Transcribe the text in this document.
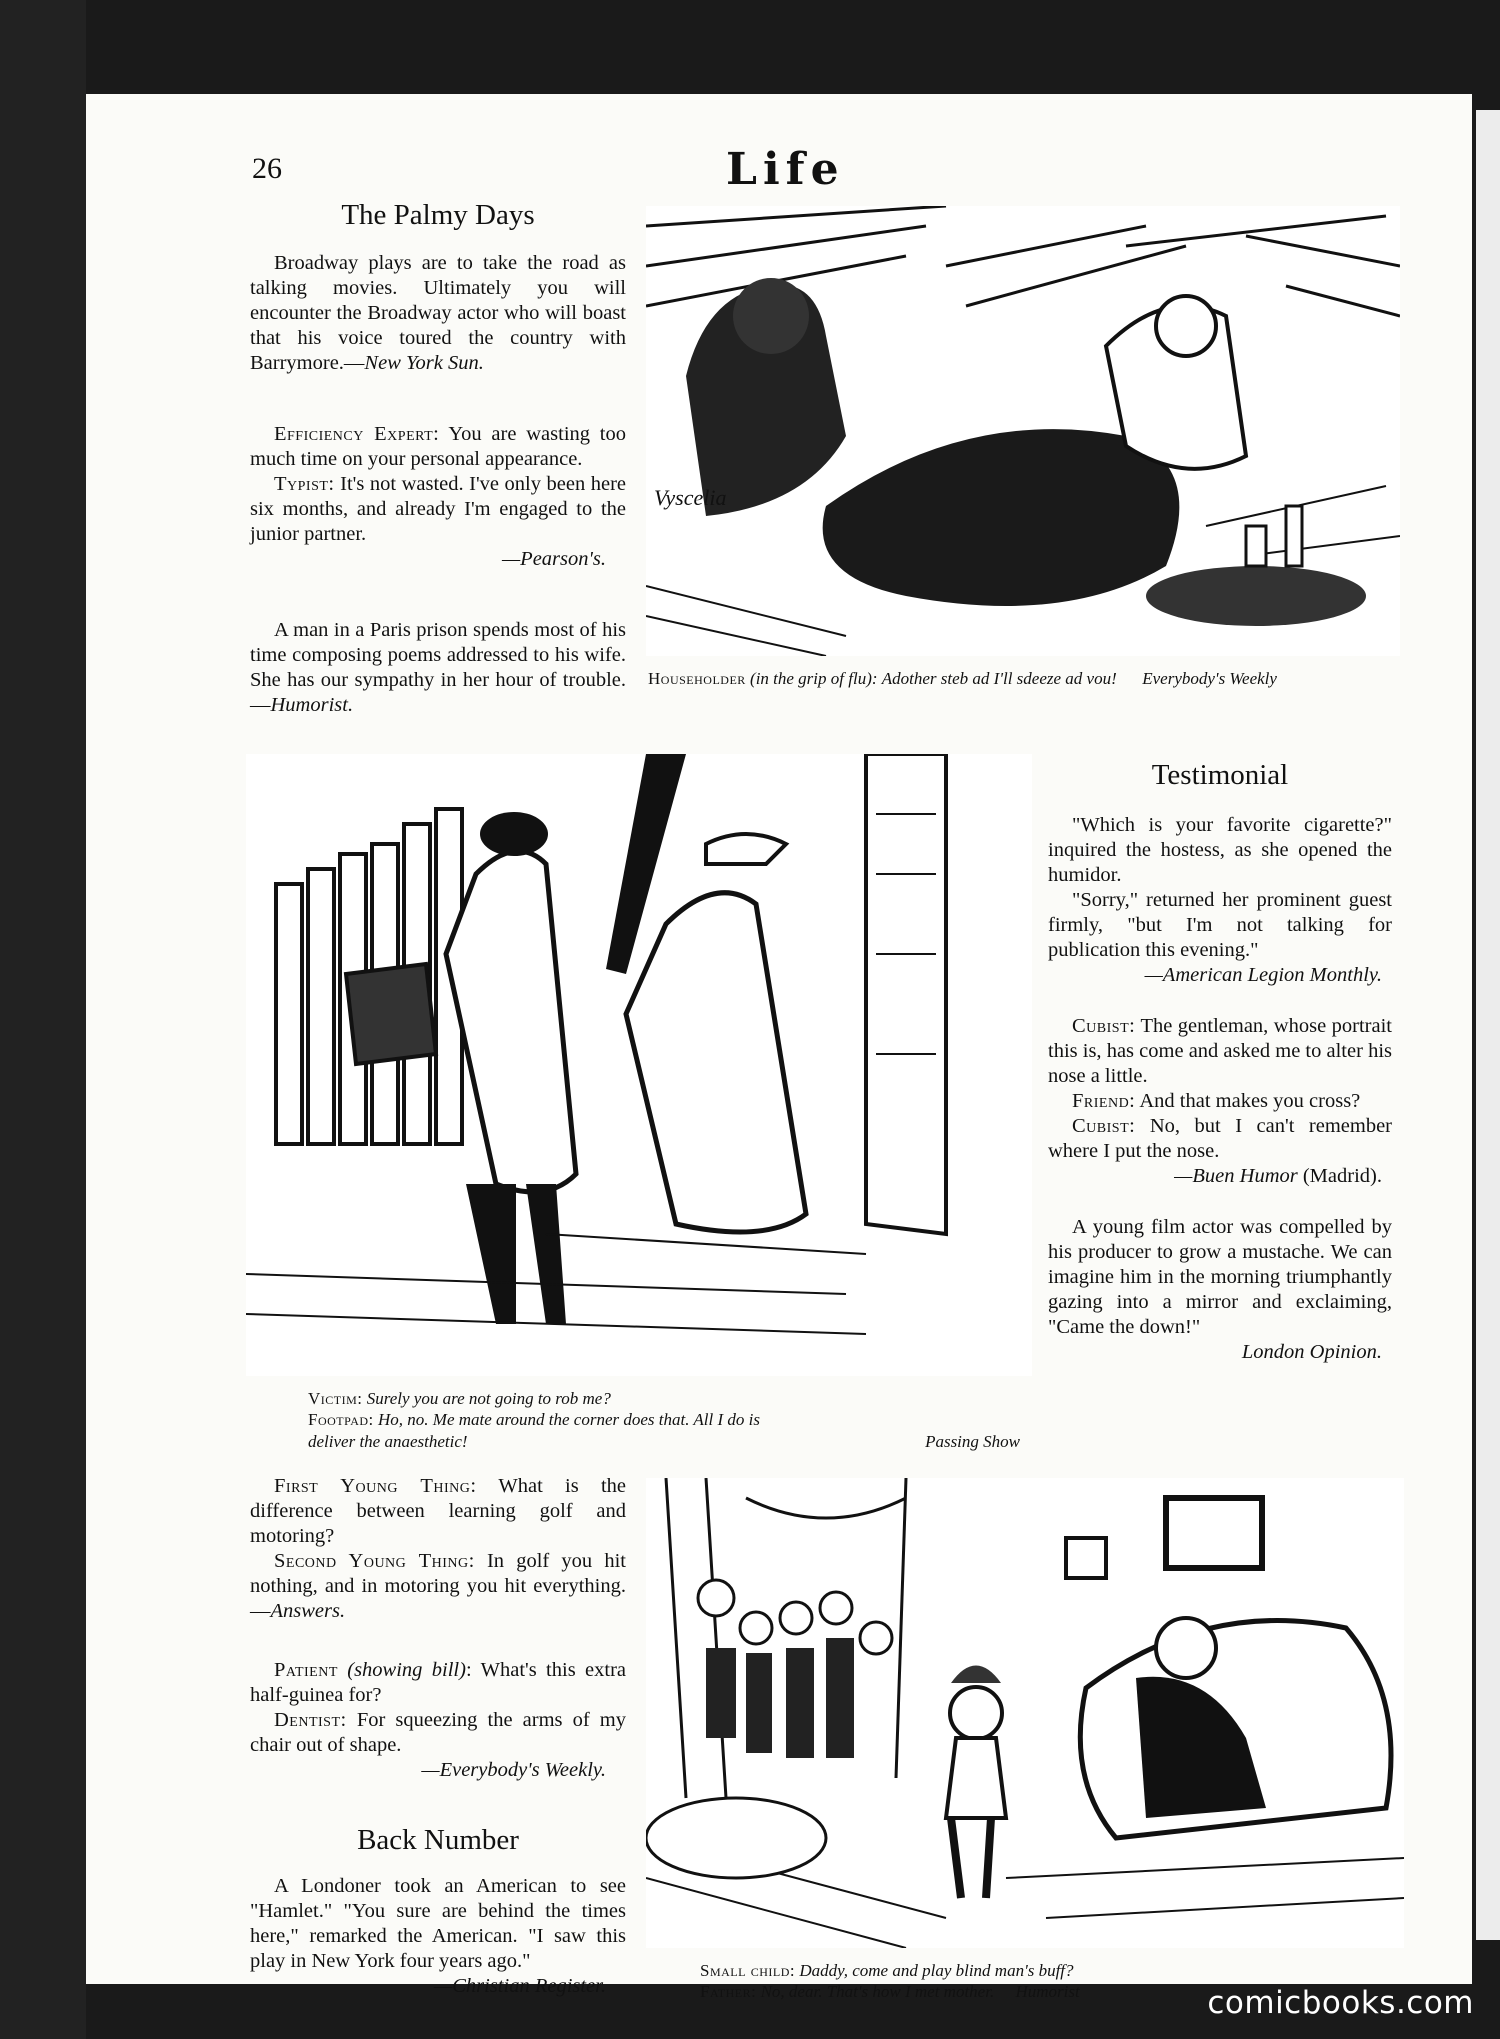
26	Life
The Palmy Days

Broadway plays are to take the road as talking movies. Ultimately you will encounter the Broadway actor who will boast that his voice toured the country with Barrymore.—New York Sun.

Efficiency Expert: You are wasting too much time on your personal appearance.

Typist: It's not wasted. I've only been here six months, and already I'm engaged to the junior partner.

—Pearson's.

A man in a Paris prison spends most of his time composing poems addressed to his wife. She has our sympathy in her hour of trouble.—Humorist.

Vyscelia
Householder (in the grip of flu): Adother steb ad I'll sdeeze ad vou! Everybody's Weekly
Testimonial

"Which is your favorite cigarette?" inquired the hostess, as she opened the humidor.

"Sorry," returned her prominent guest firmly, "but I'm not talking for publication this evening."

—American Legion Monthly.

Cubist: The gentleman, whose portrait this is, has come and asked me to alter his nose a little.

Friend: And that makes you cross?

Cubist: No, but I can't remember where I put the nose.

—Buen Humor (Madrid).

A young film actor was compelled by his producer to grow a mustache. We can imagine him in the morning triumphantly gazing into a mirror and exclaiming, "Came the down!"

London Opinion.

Victim: Surely you are not going to rob me?
Footpad: Ho, no. Me mate around the corner does that. All I do is
deliver the anaesthetic!	Passing Show

First Young Thing: What is the difference between learning golf and motoring?

Second Young Thing: In golf you hit nothing, and in motoring you hit everything.—Answers.

Patient (showing bill): What's this extra half-guinea for?

Dentist: For squeezing the arms of my chair out of shape.

—Everybody's Weekly.

Back Number

A Londoner took an American to see "Hamlet." "You sure are behind the times here," remarked the American. "I saw this play in New York four years ago."

—Christian Register.

Small child: Daddy, come and play blind man's buff?
Father: No, dear. That's how I met mother. Humorist	comicbooks.com
